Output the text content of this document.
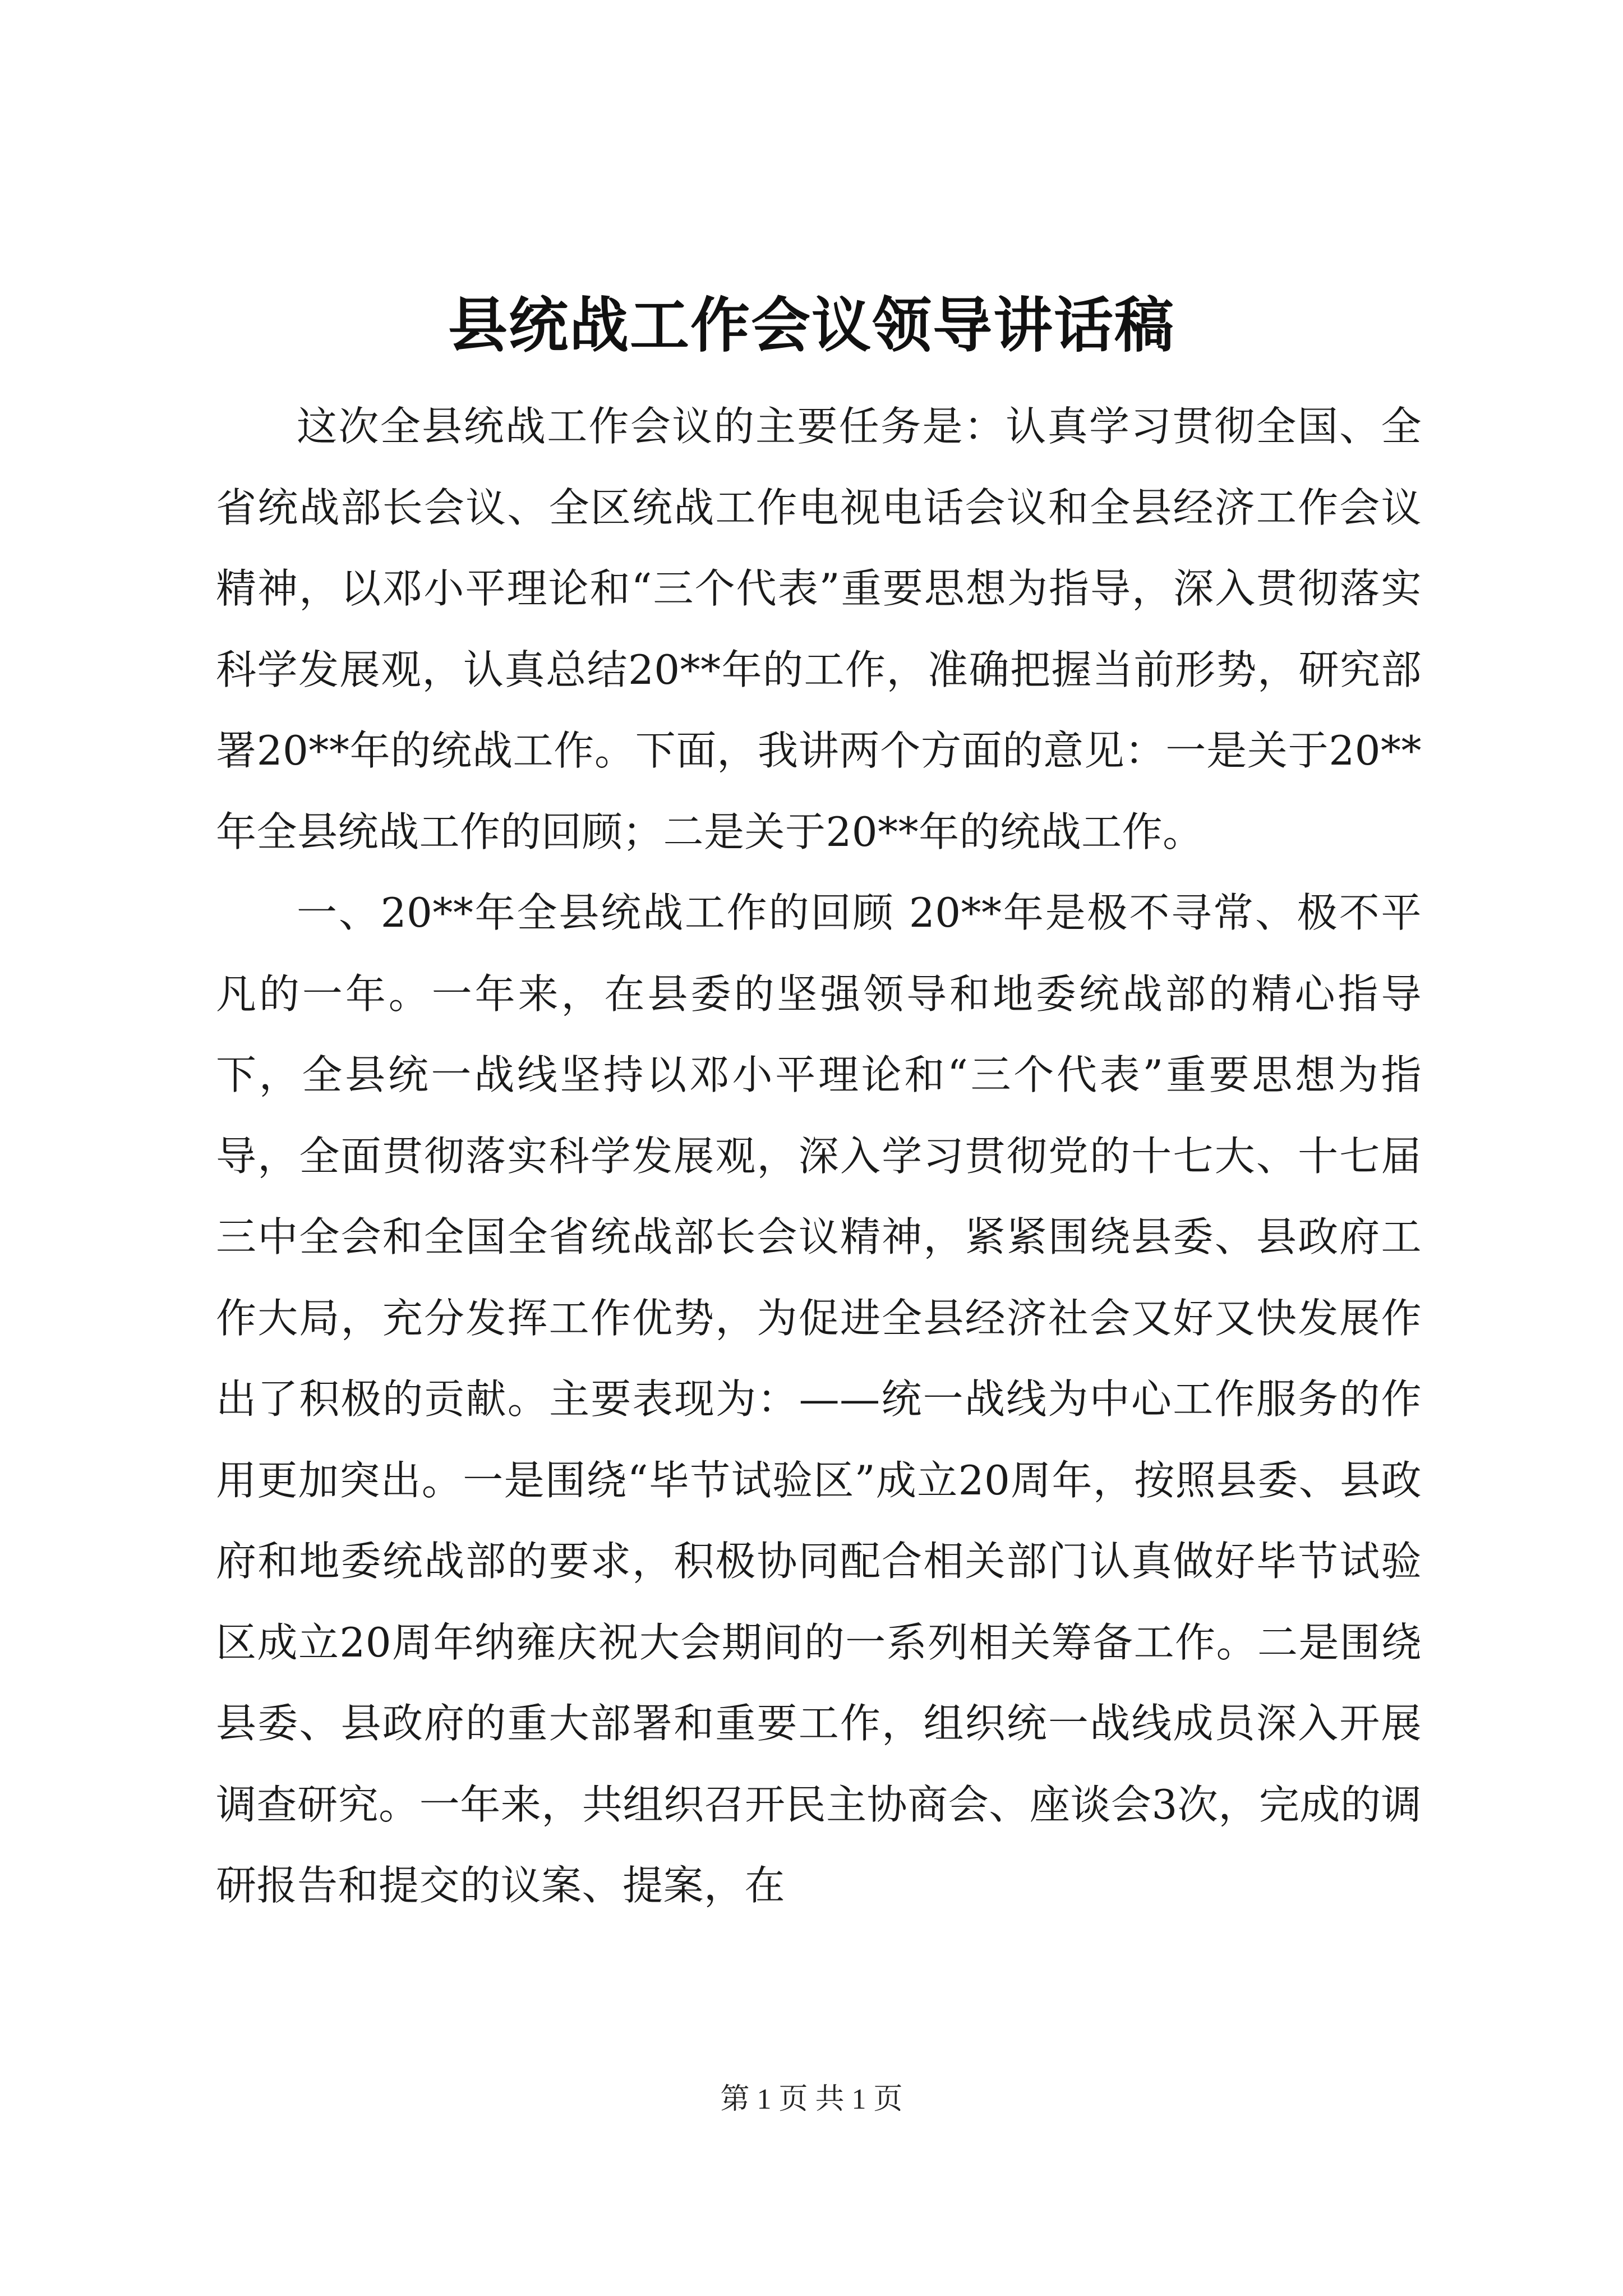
县统战工作会议领导讲话稿

这次全县统战工作会议的主要任务是：认真学习贯彻全国、全省统战部长会议、全区统战工作电视电话会议和全县经济工作会议精神，以邓小平理论和“三个代表”重要思想为指导，深入贯彻落实科学发展观，认真总结20**年的工作，准确把握当前形势，研究部署20**年的统战工作。下面，我讲两个方面的意见：一是关于20**年全县统战工作的回顾；二是关于20**年的统战工作。

一、20**年全县统战工作的回顾 20**年是极不寻常、极不平凡的一年。一年来，在县委的坚强领导和地委统战部的精心指导下，全县统一战线坚持以邓小平理论和“三个代表”重要思想为指导，全面贯彻落实科学发展观，深入学习贯彻党的十七大、十七届三中全会和全国全省统战部长会议精神，紧紧围绕县委、县政府工作大局，充分发挥工作优势，为促进全县经济社会又好又快发展作出了积极的贡献。主要表现为：——统一战线为中心工作服务的作用更加突出。一是围绕“毕节试验区”成立20周年，按照县委、县政府和地委统战部的要求，积极协同配合相关部门认真做好毕节试验区成立20周年纳雍庆祝大会期间的一系列相关筹备工作。二是围绕县委、县政府的重大部署和重要工作，组织统一战线成员深入开展调查研究。一年来，共组织召开民主协商会、座谈会3次，完成的调研报告和提交的议案、提案，在

第 1 页 共 1 页
